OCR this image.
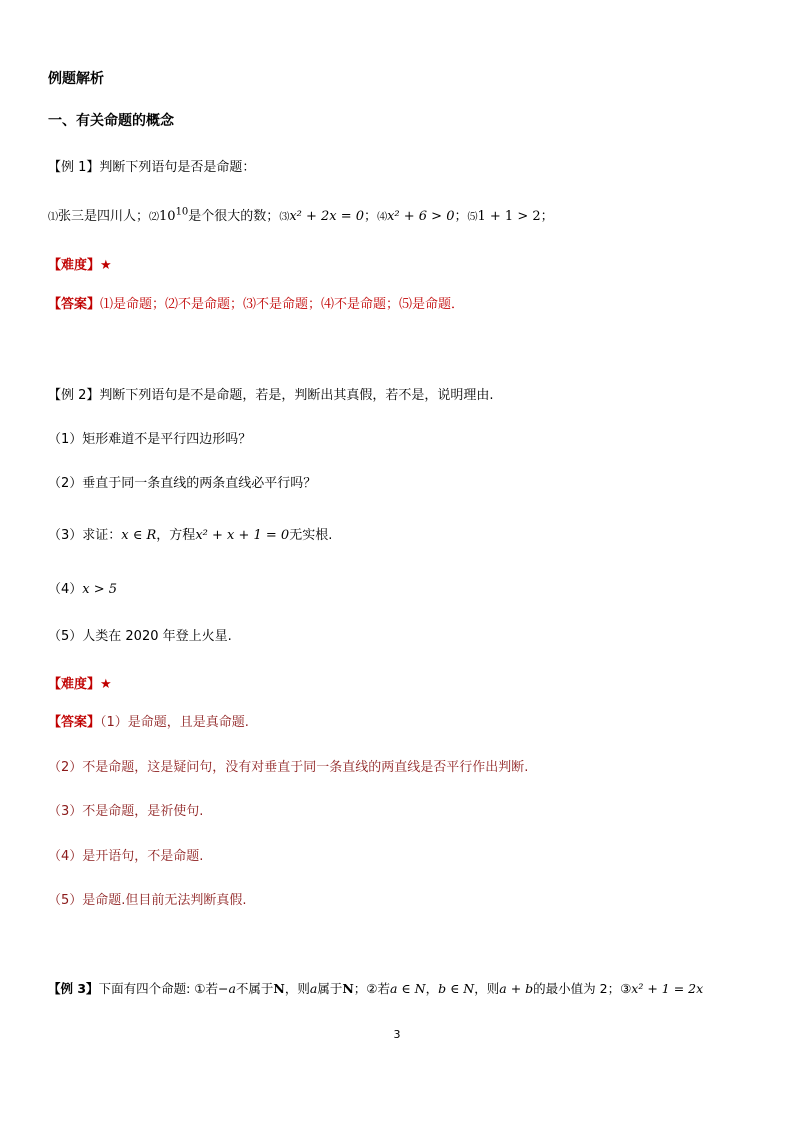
例题解析
一、有关命题的概念
【例 1】判断下列语句是否是命题：
⑴张三是四川人；$⑵10^{10}$是个很大的数；⑶x² + 2x = 0；⑷x² + 6 > 0；⑸1 + 1 > 2；
【难度】★
【答案】⑴是命题；⑵不是命题；⑶不是命题；⑷不是命题；⑸是命题．
【例 2】判断下列语句是不是命题，若是，判断出其真假，若不是，说明理由.
（1）矩形难道不是平行四边形吗？
（2）垂直于同一条直线的两条直线必平行吗？
（3）求证：x ∈ R，方程x² + x + 1 = 0无实根.
（4）x > 5
（5）人类在 2020 年登上火星.
【难度】★
【答案】（1）是命题，且是真命题.
（2）不是命题，这是疑问句，没有对垂直于同一条直线的两直线是否平行作出判断.
（3）不是命题，是祈使句.
（4）是开语句，不是命题.
（5）是命题.但目前无法判断真假.
【例 3】下面有四个命题: ①若−a不属于N，则a属于N；②若a ∈ N，b ∈ N，则a + b的最小值为 2；③x² + 1 = 2x
3
